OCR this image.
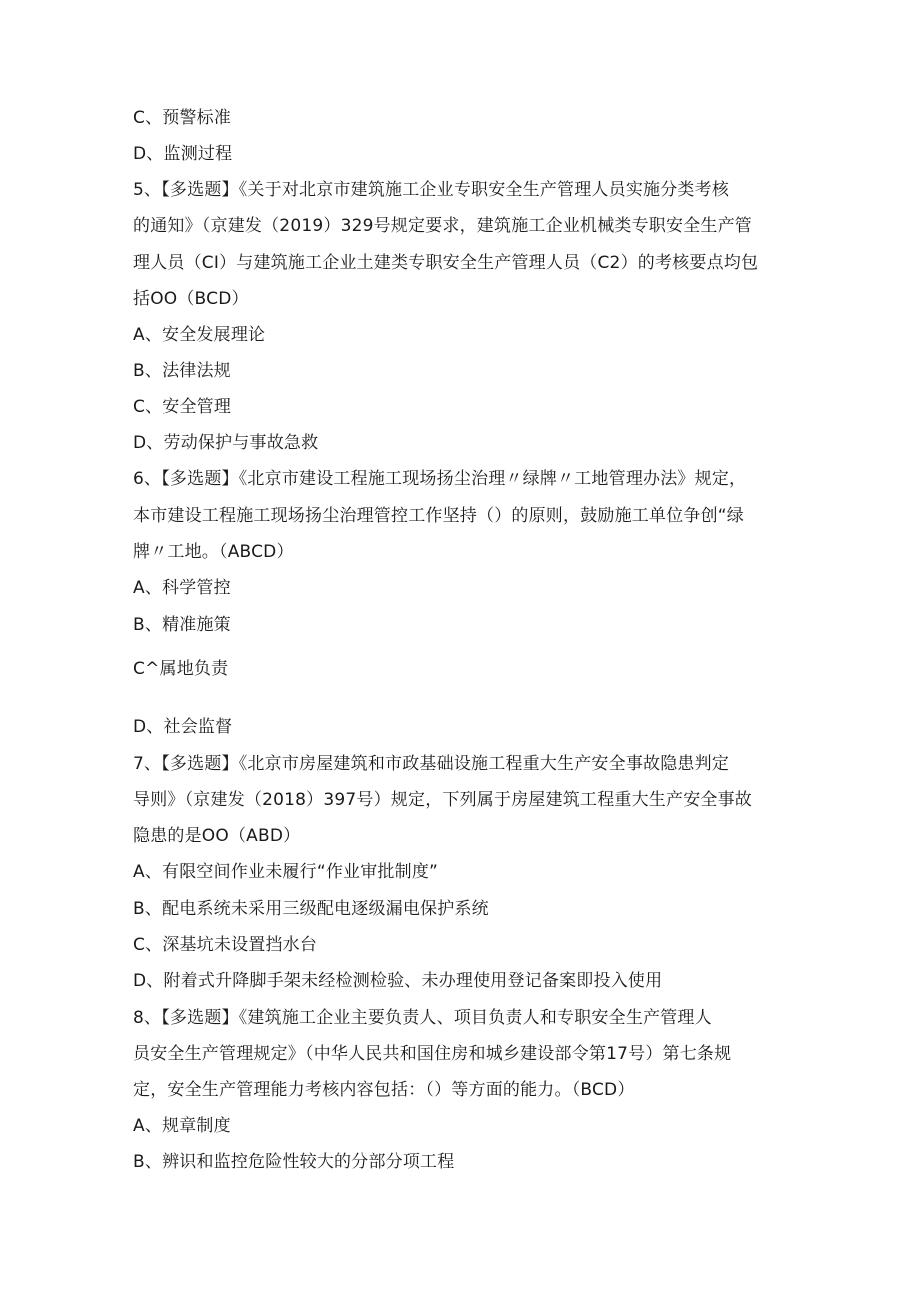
C、预警标准
D、监测过程
5、【多选题】《关于对北京市建筑施工企业专职安全生产管理人员实施分类考核
的通知》（京建发（2019）329号规定要求，建筑施工企业机械类专职安全生产管
理人员（CI）与建筑施工企业土建类专职安全生产管理人员（C2）的考核要点均包
括OO（BCD）
A、安全发展理论
B、法律法规
C、安全管理
D、劳动保护与事故急救
6、【多选题】《北京市建设工程施工现场扬尘治理〃绿牌〃工地管理办法》规定，
本市建设工程施工现场扬尘治理管控工作坚持（）的原则，鼓励施工单位争创“绿
牌〃工地。（ABCD）
A、科学管控
B、精准施策
C^属地负责
D、社会监督
7、【多选题】《北京市房屋建筑和市政基础设施工程重大生产安全事故隐患判定
导则》（京建发（2018）397号）规定，下列属于房屋建筑工程重大生产安全事故
隐患的是OO（ABD）
A、有限空间作业未履行“作业审批制度”
B、配电系统未采用三级配电逐级漏电保护系统
C、深基坑未设置挡水台
D、附着式升降脚手架未经检测检验、未办理使用登记备案即投入使用
8、【多选题】《建筑施工企业主要负责人、项目负责人和专职安全生产管理人
员安全生产管理规定》（中华人民共和国住房和城乡建设部令第17号）第七条规
定，安全生产管理能力考核内容包括：（）等方面的能力。（BCD）
A、规章制度
B、辨识和监控危险性较大的分部分项工程
